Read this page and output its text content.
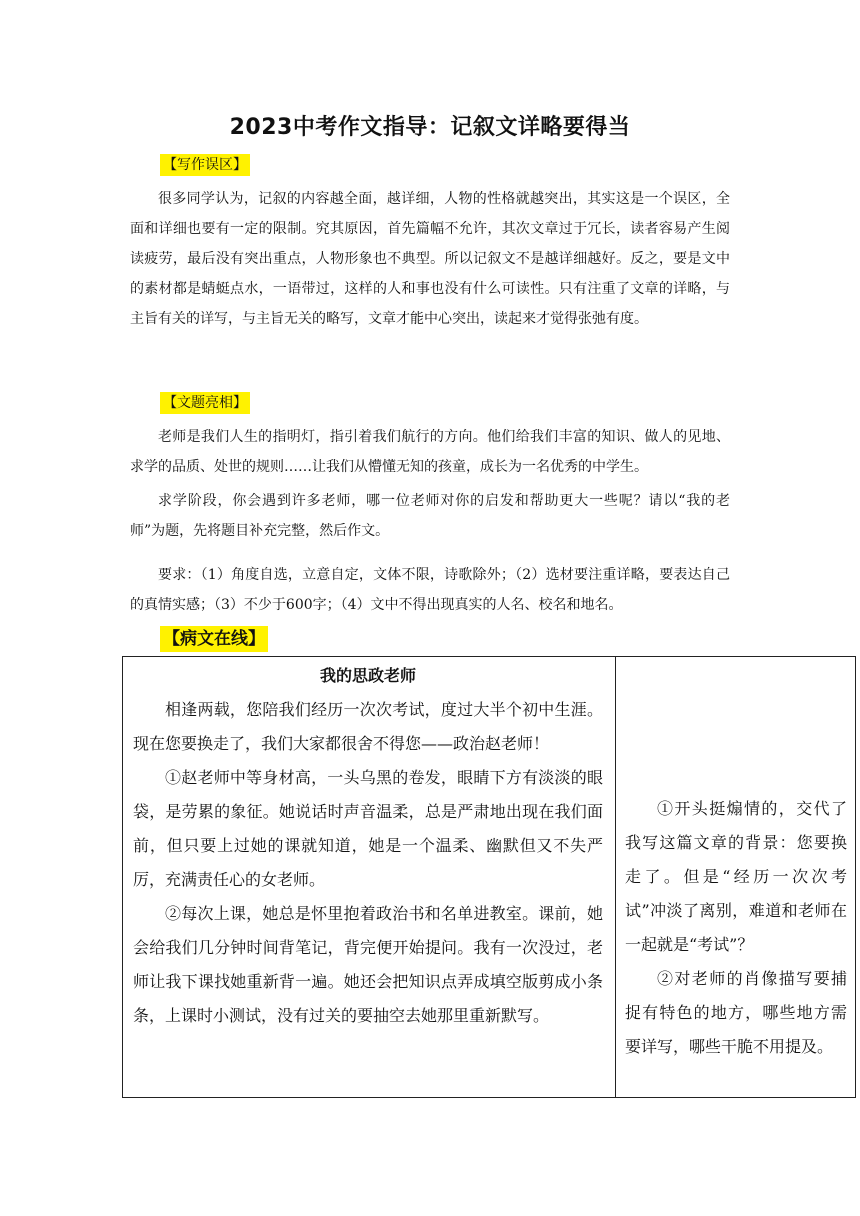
2023中考作文指导：记叙文详略要得当
【写作误区】

很多同学认为，记叙的内容越全面，越详细，人物的性格就越突出，其实这是一个误区，全面和详细也要有一定的限制。究其原因，首先篇幅不允许，其次文章过于冗长，读者容易产生阅读疲劳，最后没有突出重点，人物形象也不典型。所以记叙文不是越详细越好。反之，要是文中的素材都是蜻蜓点水，一语带过，这样的人和事也没有什么可读性。只有注重了文章的详略，与主旨有关的详写，与主旨无关的略写，文章才能中心突出，读起来才觉得张弛有度。

【文题亮相】

老师是我们人生的指明灯，指引着我们航行的方向。他们给我们丰富的知识、做人的见地、求学的品质、处世的规则……让我们从懵懂无知的孩童，成长为一名优秀的中学生。

求学阶段，你会遇到许多老师，哪一位老师对你的启发和帮助更大一些呢？请以“我的老师”为题，先将题目补充完整，然后作文。

要求：（1）角度自选，立意自定，文体不限，诗歌除外；（2）选材要注重详略，要表达自己的真情实感；（3）不少于600字；（4）文中不得出现真实的人名、校名和地名。

【病文在线】

我的思政老师

相逢两载，您陪我们经历一次次考试，度过大半个初中生涯。现在您要换走了，我们大家都很舍不得您——政治赵老师！

①赵老师中等身材高，一头乌黑的卷发，眼睛下方有淡淡的眼袋，是劳累的象征。她说话时声音温柔，总是严肃地出现在我们面前，但只要上过她的课就知道，她是一个温柔、幽默但又不失严厉，充满责任心的女老师。

②每次上课，她总是怀里抱着政治书和名单进教室。课前，她会给我们几分钟时间背笔记，背完便开始提问。我有一次没过，老师让我下课找她重新背一遍。她还会把知识点弄成填空版剪成小条条，上课时小测试，没有过关的要抽空去她那里重新默写。

①开头挺煽情的，交代了我写这篇文章的背景：您要换走了。但是“经历一次次考试”冲淡了离别，难道和老师在一起就是“考试”？

②对老师的肖像描写要捕捉有特色的地方，哪些地方需要详写，哪些干脆不用提及。
